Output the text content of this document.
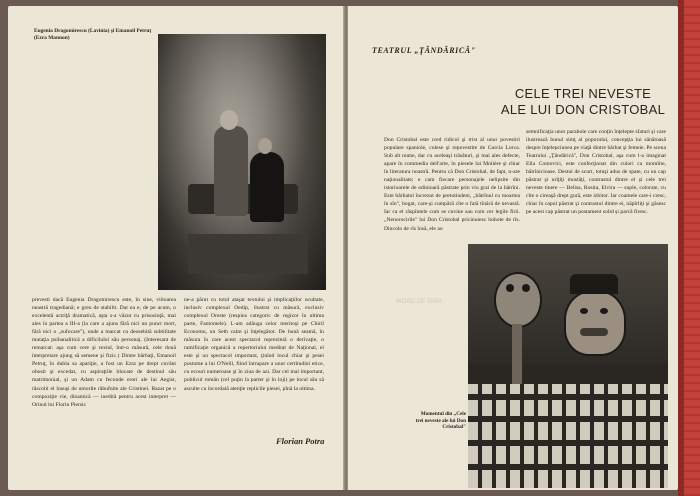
Eugenia Dragomirescu (Lavinia) şi Emanoil Petruţ (Ezra Mannon)

prevesti dacă Eugenia Dragomirescu este, în sine, viitoarea neastră tragediană; e greu de stabilit. Dar ea e, de pe acum, o excelentă actriţă dramatică, aşta s-a văzut cu prisosinţă, mai ales în partea a III-a (la care a ajuns fără nici un punct mort, fără nici o „sufocare"), unde a marcat cu deosebită subtilitate mutaţia psihanalitică a dificilului său personaj. (Interesant de remarcat: aşa cum cere şi textul, într-o măsură, cele două interpretare ajung să semene şi fizic.) Dintre bărbaţi, Emanoil Petruţ, în dubla sa apariţie, a fost un Ezra pe drept cuvânt obosit şi excedat, cu aspiraţiile blocate de destinul său matrimonial, şi un Adam cu feconde erori ale lui Aegist, răscolit el însuşi de umorile răbufnite ale Cristinei. Bazat pe o compoziţie vie, dinamică — inedită pentru acest interpret — Orinul lui Florin Piersic

ne-a părut cu totul ataşat textului şi implicaţiilor ocultate, inclusiv complexul Oedip, ilustrat cu măsură, exclusiv complexul Oreste (respins categoric de regizor în ultima parte, Fantomele). L-am adăuga celor meritoşi pe Chiril Economu, un Seth calm şi înţelegător. De bună seamă, în măsura în care acest spectacol reprezintă o derivaţie, o ramificaţie organică a repertoriului meditat de Naţional, el este şi un spectacol important, ţinînd locul chiar şi pesei postume a lui O'Neill, fiind întrupare a unor certitudini etice, cu ecouri numeroase şi în ziua de azi. Dar cel mai important, publicul român (cel puţin la parter şi în loji) pe locul său să asculte cu încordată atenţie replicile piesei, pînă la ultima.

Florian Potra
TEATRUL „ŢĂNDĂRICĂ"
CELE TREI NEVESTE
ALE LUI DON CRISTOBAL

Don Cristobal este cred ridicol şi trist al unor povestiri populare spaniole, culese şi repovestite de Garcia Lorca. Sub alt nume, dar cu aceleaşi trăsături, şi mai ales defecte, apare în commedia dell'arte, în piesele lui Molière şi chiar în literatura noastră. Pentru că Don Cristobal, de fapt, n-are naţionalitate; e cam fiecare personajele nelipsite din istorioarele de odinioară păstrate prin viu grai de la bătrîni. Este bărbatul încrezut de pretutindeni, „bătrînul cu moartea în sîn", bogat, care-şi cumpără cîte o fată tînără de nevastă. Iar ca el răspîntele cum se cuvine sau cum cer legile firii. „Nenorocirile" lui Don Cristobal pricinuiesc hohote de rîs. Dincolo de rîs însă, ele au

semnificaţia unor parabole care conţin înţelepte sfaturi şi care ilustrează bunul simţ al poporului, concepţia lui sănătoasă despre înţelepciunea pe viaţă dintre bărbat şi femeie. Pe scena Teatrului „Ţăndărică", Don Cristobal, aşa cum l-a imaginat Ella Comovici, este confecţionat din culori ca momîite, bătrînicioase. Destul de scurt, totuşi adus de spate, cu un cap păstrat şi urîţiţi mustăţi, contrastul dintre el şi cele trei neveste tinere — Belisa, Rosita, Elvira — suple, colorate, cu cîte o cireaşă drept gură, este izbitor. Iar coamele care-i cresc, chiar în capul păstrat şi contrastul dintre ei, năpîrliţi şi găsesc pe acest cap păstrat un postament solid şi parcă firesc.

WORD DE TARA
Momentul din „Cele trei neveste ale lui Don Cristobal"
